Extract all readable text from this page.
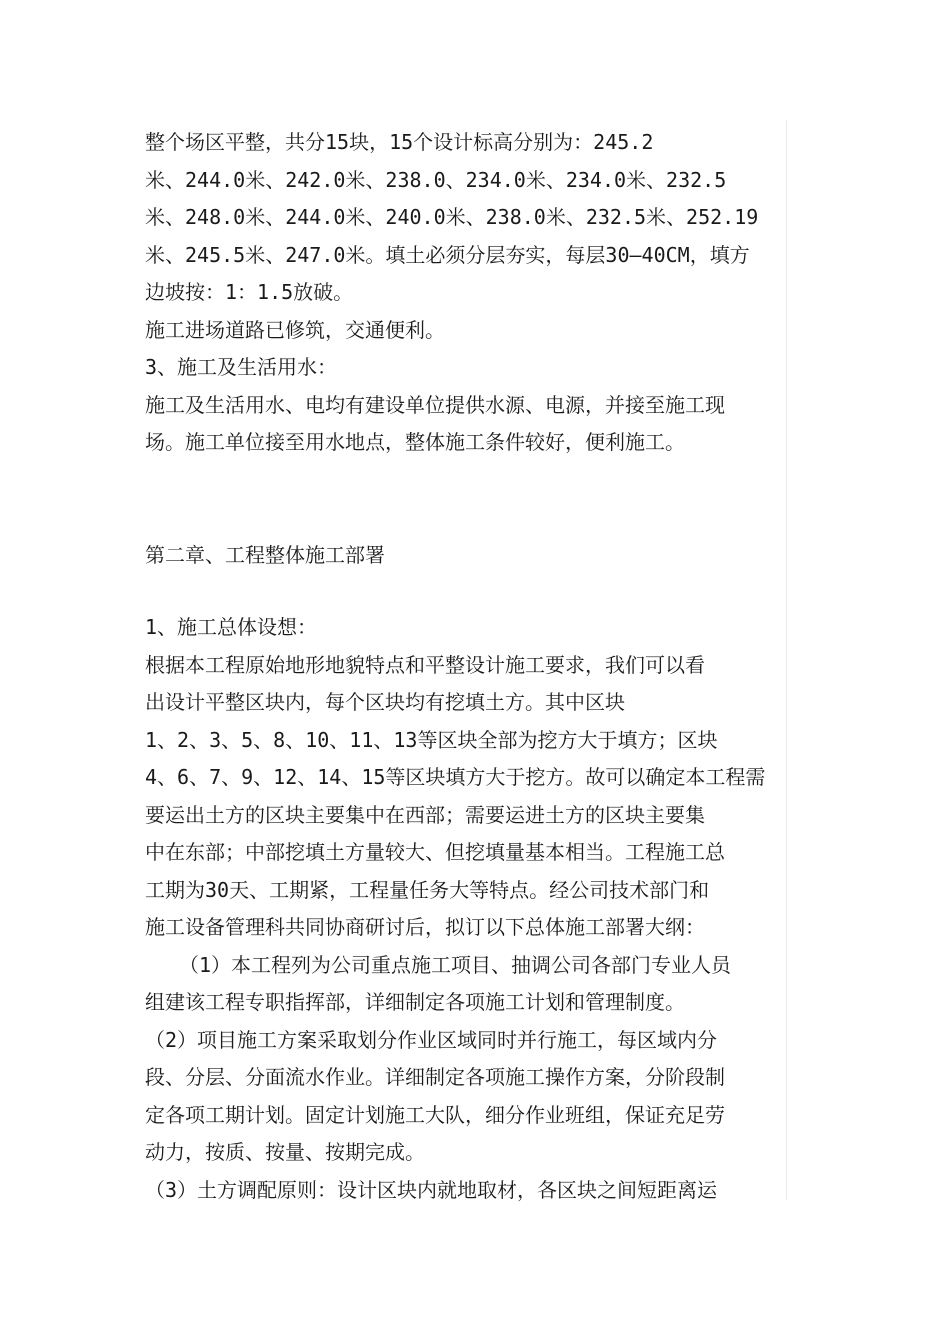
整个场区平整，共分15块，15个设计标高分别为：245.2
米、244.0米、242.0米、238.0、234.0米、234.0米、232.5
米、248.0米、244.0米、240.0米、238.0米、232.5米、252.19
米、245.5米、247.0米。填土必须分层夯实，每层30—40CM，填方
边坡按：1：1.5放破。
施工进场道路已修筑，交通便利。
3、施工及生活用水：
施工及生活用水、电均有建设单位提供水源、电源，并接至施工现
场。施工单位接至用水地点，整体施工条件较好，便利施工。
第二章、工程整体施工部署
1、施工总体设想：
根据本工程原始地形地貌特点和平整设计施工要求，我们可以看
出设计平整区块内，每个区块均有挖填土方。其中区块
1、2、3、5、8、10、11、13等区块全部为挖方大于填方；区块
4、6、7、9、12、14、15等区块填方大于挖方。故可以确定本工程需
要运出土方的区块主要集中在西部；需要运进土方的区块主要集
中在东部；中部挖填土方量较大、但挖填量基本相当。工程施工总
工期为30天、工期紧，工程量任务大等特点。经公司技术部门和
施工设备管理科共同协商研讨后，拟订以下总体施工部署大纲：
（1）本工程列为公司重点施工项目、抽调公司各部门专业人员
组建该工程专职指挥部，详细制定各项施工计划和管理制度。
（2）项目施工方案采取划分作业区域同时并行施工，每区域内分
段、分层、分面流水作业。详细制定各项施工操作方案，分阶段制
定各项工期计划。固定计划施工大队，细分作业班组，保证充足劳
动力，按质、按量、按期完成。
（3）土方调配原则：设计区块内就地取材，各区块之间短距离运
